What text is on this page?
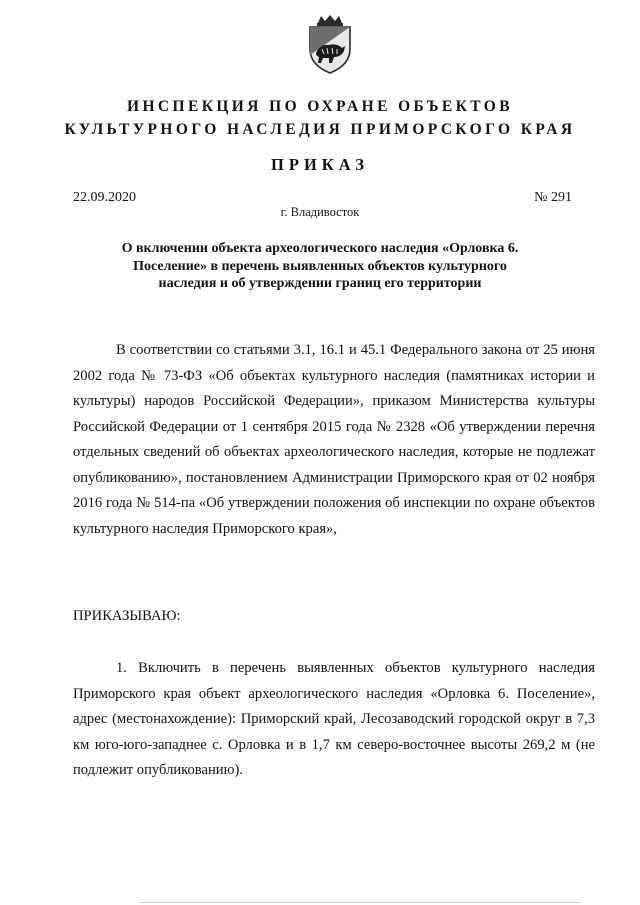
ИНСПЕКЦИЯ ПО ОХРАНЕ ОБЪЕКТОВ
КУЛЬТУРНОГО НАСЛЕДИЯ ПРИМОРСКОГО КРАЯ
ПРИКАЗ
22.09.2020	№ 291
г. Владивосток
О включении объекта археологического наследия «Орловка 6. Поселение» в перечень выявленных объектов культурного наследия и об утверждении границ его территории
В соответствии со статьями 3.1, 16.1 и 45.1 Федерального закона от 25 июня 2002 года № 73-ФЗ «Об объектах культурного наследия (памятниках истории и культуры) народов Российской Федерации», приказом Министерства культуры Российской Федерации от 1 сентября 2015 года № 2328 «Об утверждении перечня отдельных сведений об объектах археологического наследия, которые не подлежат опубликованию», постановлением Администрации Приморского края от 02 ноября 2016 года № 514-па «Об утверждении положения об инспекции по охране объектов культурного наследия Приморского края»,
ПРИКАЗЫВАЮ:
1. Включить в перечень выявленных объектов культурного наследия Приморского края объект археологического наследия «Орловка 6. Поселение», адрес (местонахождение): Приморский край, Лесозаводский городской округ в 7,3 км юго-юго-западнее с. Орловка и в 1,7 км северо-восточнее высоты 269,2 м (не подлежит опубликованию).
